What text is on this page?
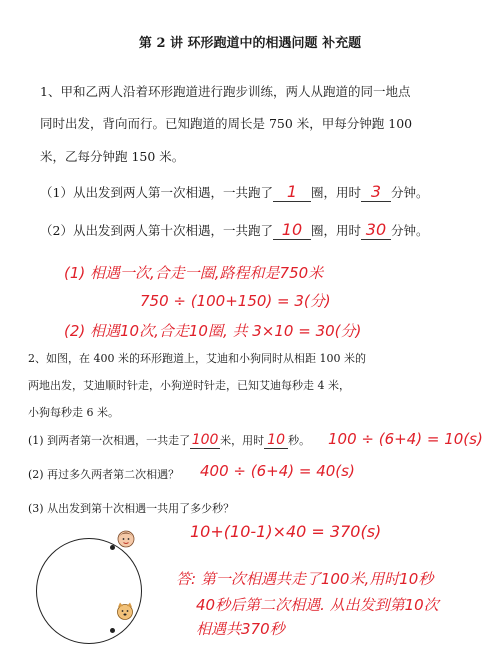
第 2 讲 环形跑道中的相遇问题 补充题
1、甲和乙两人沿着环形跑道进行跑步训练，两人从跑道的同一地点
同时出发，背向而行。已知跑道的周长是 750 米，甲每分钟跑 100
米，乙每分钟跑 150 米。
（1）从出发到两人第一次相遇，一共跑了 1 圈，用时 3 分钟。
（2）从出发到两人第十次相遇，一共跑了 10 圈，用时 30 分钟。
(1) 相遇一次,合走一圈,路程和是750米
750 ÷ (100+150) = 3(分)
(2) 相遇10次,合走10圈, 共 3×10 = 30(分)
2、如图，在 400 米的环形跑道上，艾迪和小狗同时从相距 100 米的
两地出发，艾迪顺时针走，小狗逆时针走，已知艾迪每秒走 4 米，
小狗每秒走 6 米。
(1) 到两者第一次相遇，一共走了 100 米，用时 10 秒。 100 ÷ (6+4) = 10(s)
(2) 再过多久两者第二次相遇？ 400 ÷ (6+4) = 40(s)
(3) 从出发到第十次相遇一共用了多少秒？
10+(10-1)×40 = 370(s)
答: 第一次相遇共走了100米,用时10秒
40秒后第二次相遇. 从出发到第10次
相遇共370秒
